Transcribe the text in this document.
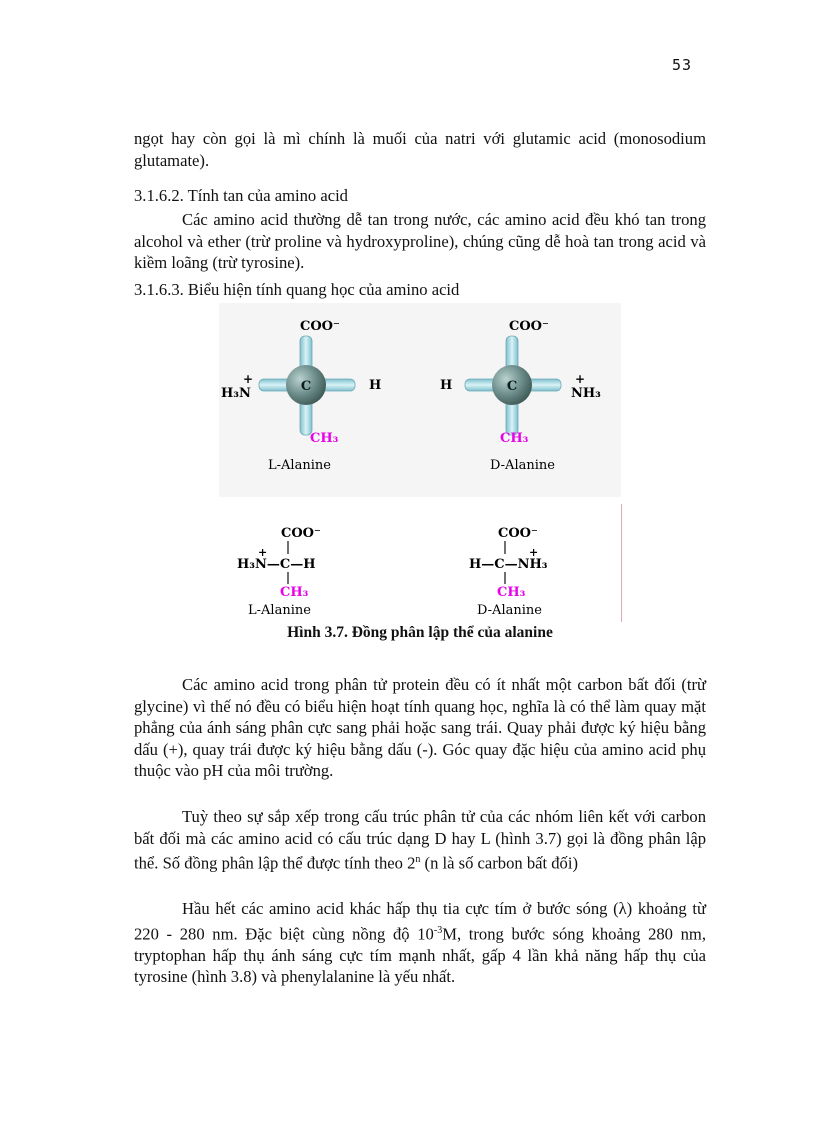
53

ngọt hay còn gọi là mì chính là muối của natri với glutamic acid (monosodium glutamate).

3.1.6.2. Tính tan của amino acid

Các amino acid thường dễ tan trong nước, các amino acid đều khó tan trong alcohol và ether (trừ proline và hydroxyproline), chúng cũng dễ hoà tan trong acid và kiềm loãng (trừ tyrosine).

3.1.6.3. Biểu hiện tính quang học của amino acid

C
COO⁻
H₃N
+	H
CH₃
L-Alanine
C
COO⁻
H	+
NH₃
CH₃
D-Alanine
COO⁻
H₃N—C—H
+
CH₃
L-Alanine
COO⁻
H—C—NH₃
+
CH₃
D-Alanine
Hình 3.7. Đồng phân lập thể của alanine

Các amino acid trong phân tử protein đều có ít nhất một carbon bất đối (trừ glycine) vì thế nó đều có biểu hiện hoạt tính quang học, nghĩa là có thể làm quay mặt phẳng của ánh sáng phân cực sang phải hoặc sang trái. Quay phải được ký hiệu bằng dấu (+), quay trái được ký hiệu bằng dấu (-). Góc quay đặc hiệu của amino acid phụ thuộc vào pH của môi trường.

Tuỳ theo sự sắp xếp trong cấu trúc phân tử của các nhóm liên kết với carbon bất đối mà các amino acid có cấu trúc dạng D hay L (hình 3.7) gọi là đồng phân lập thể. Số đồng phân lập thể được tính theo 2$^n$ (n là số carbon bất đối)

Hầu hết các amino acid khác hấp thụ tia cực tím ở bước sóng (λ) khoảng từ 220 - 280 nm. Đặc biệt cùng nồng độ $10^{-3}M$, trong bước sóng khoảng 280 nm, tryptophan hấp thụ ánh sáng cực tím mạnh nhất, gấp 4 lần khả năng hấp thụ của tyrosine (hình 3.8) và phenylalanine là yếu nhất.
